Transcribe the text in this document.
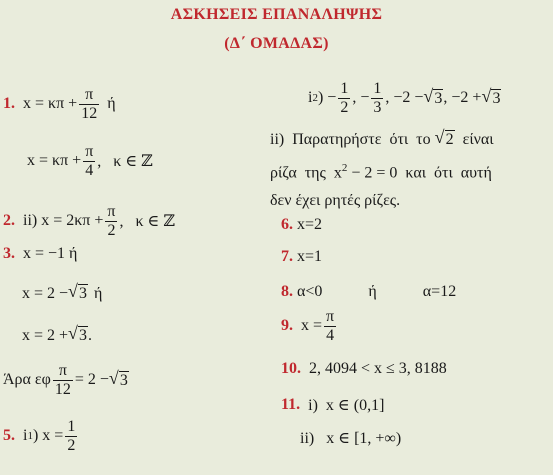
ΑΣΚΗΣΕΙΣ ΕΠΑΝΑΛΗΨΗΣ
(Δ΄ ΟΜΑΔΑΣ)
1. $x = \kappa\pi + \frac{\pi}{12}$ ή
$x = \kappa\pi + \frac{\pi}{4}$ ,   κ ∈ ℤ
2. ii) $x = 2\kappa\pi + \frac{\pi}{2}$ ,   κ ∈ ℤ
3. x = −1 ή
x = 2 − √ 3 ή
x = 2 + √ 3 .
Άρα εφ $\frac{\pi}{12} = 2$ − √ 3
5. i 1 ) $x = \frac{1}{2}$
i 2 ) − $\frac{1}{2}$ , − $\frac{1}{3}$ , −2 − √ 3 , −2 + √ 3
ii)  Παρατηρήστε  ότι  το √ 2  είναι
ρίζα  της  $x^2 - 2 = 0$  και  ότι  αυτή
δεν έχει ρητές ρίζες.
6. x=2
7. x=1
8. α<0	ή	α=12
9. $x = \frac{\pi}{4}$
10. 2, 4094 < x ≤ 3, 8188
11. i)  x ∈ (0,1]
ii)   x ∈ [1, +∞)
